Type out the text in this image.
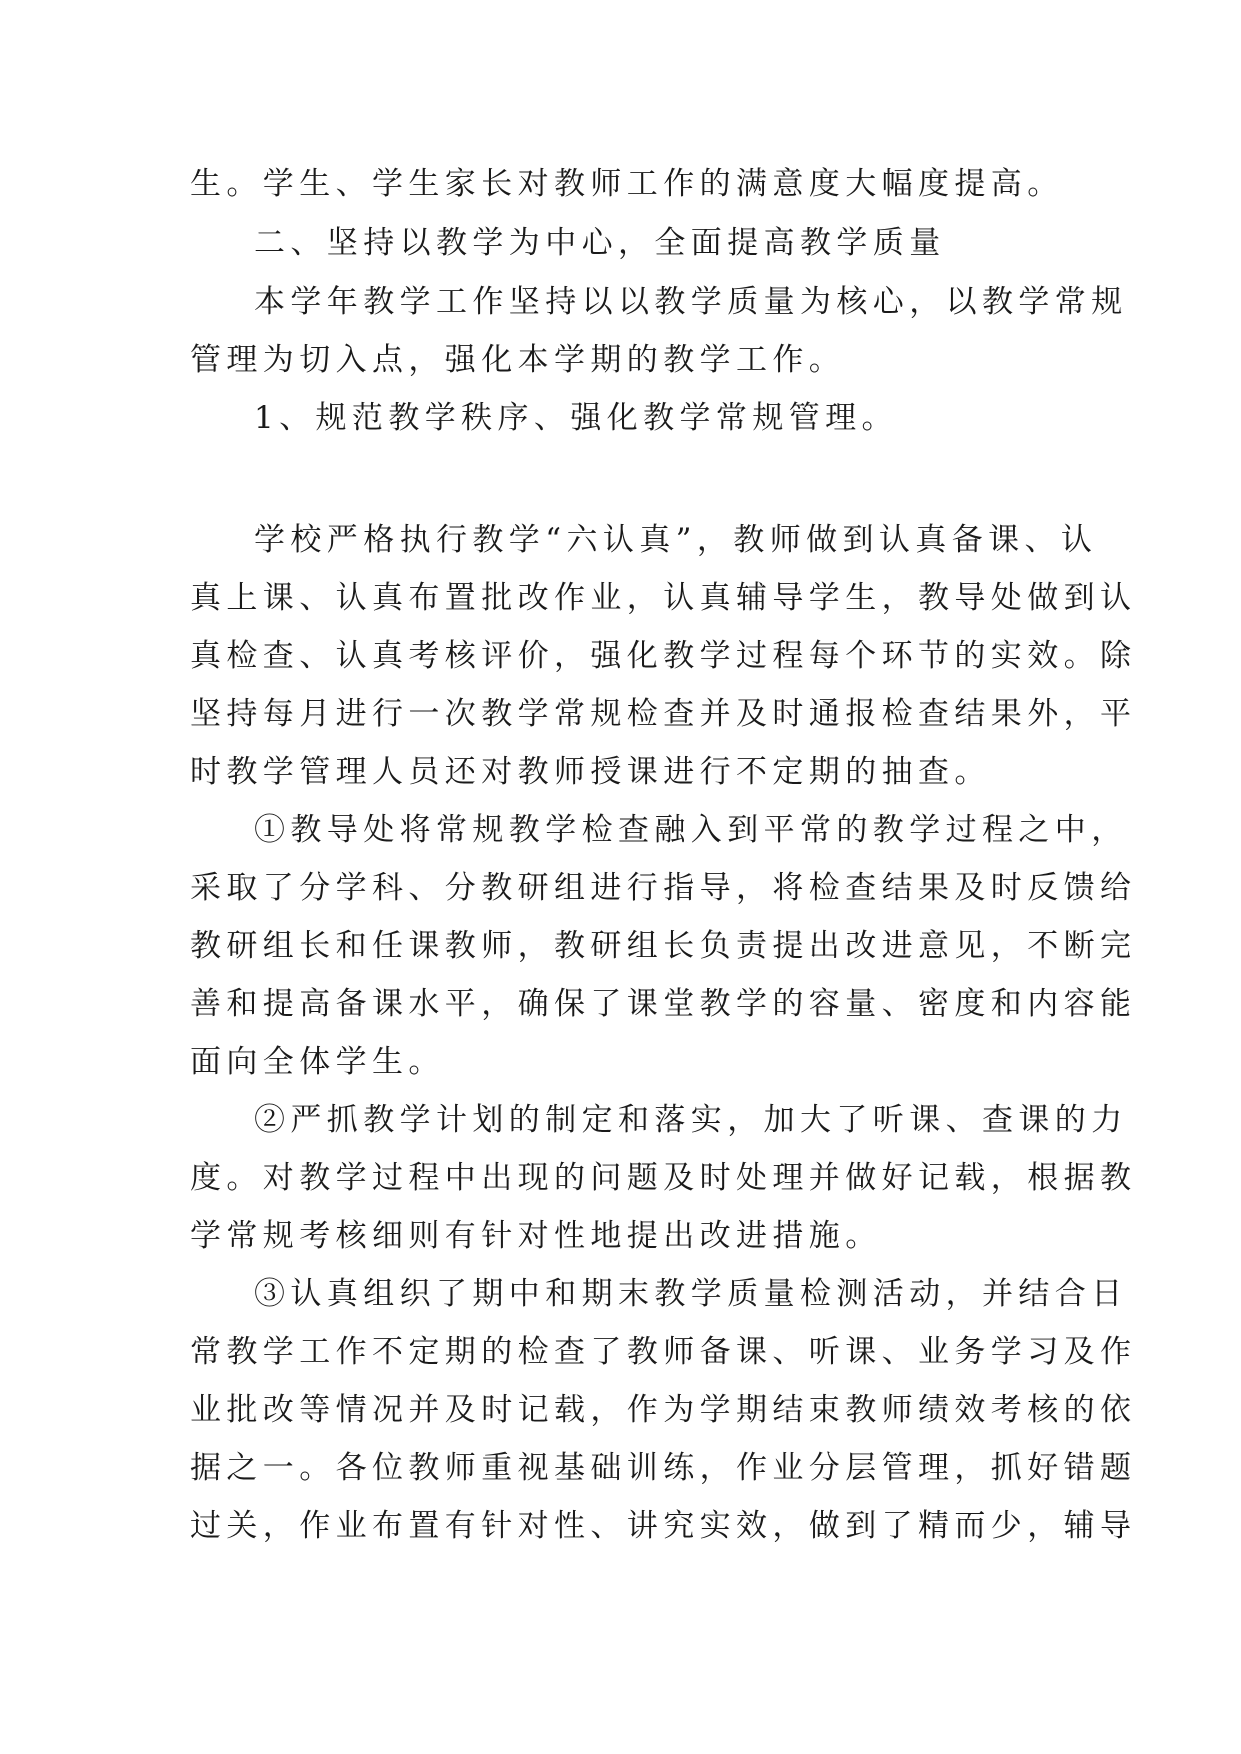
生。学生、学生家长对教师工作的满意度大幅度提高。

二、坚持以教学为中心，全面提高教学质量

本学年教学工作坚持以以教学质量为核心，以教学常规

管理为切入点，强化本学期的教学工作。

1、规范教学秩序、强化教学常规管理。

学校严格执行教学“六认真”，教师做到认真备课、认

真上课、认真布置批改作业，认真辅导学生，教导处做到认

真检查、认真考核评价，强化教学过程每个环节的实效。除

坚持每月进行一次教学常规检查并及时通报检查结果外，平

时教学管理人员还对教师授课进行不定期的抽查。

①教导处将常规教学检查融入到平常的教学过程之中，

采取了分学科、分教研组进行指导，将检查结果及时反馈给

教研组长和任课教师，教研组长负责提出改进意见，不断完

善和提高备课水平，确保了课堂教学的容量、密度和内容能

面向全体学生。

②严抓教学计划的制定和落实，加大了听课、查课的力

度。对教学过程中出现的问题及时处理并做好记载，根据教

学常规考核细则有针对性地提出改进措施。

③认真组织了期中和期末教学质量检测活动，并结合日

常教学工作不定期的检查了教师备课、听课、业务学习及作

业批改等情况并及时记载，作为学期结束教师绩效考核的依

据之一。各位教师重视基础训练，作业分层管理，抓好错题

过关，作业布置有针对性、讲究实效，做到了精而少，辅导
